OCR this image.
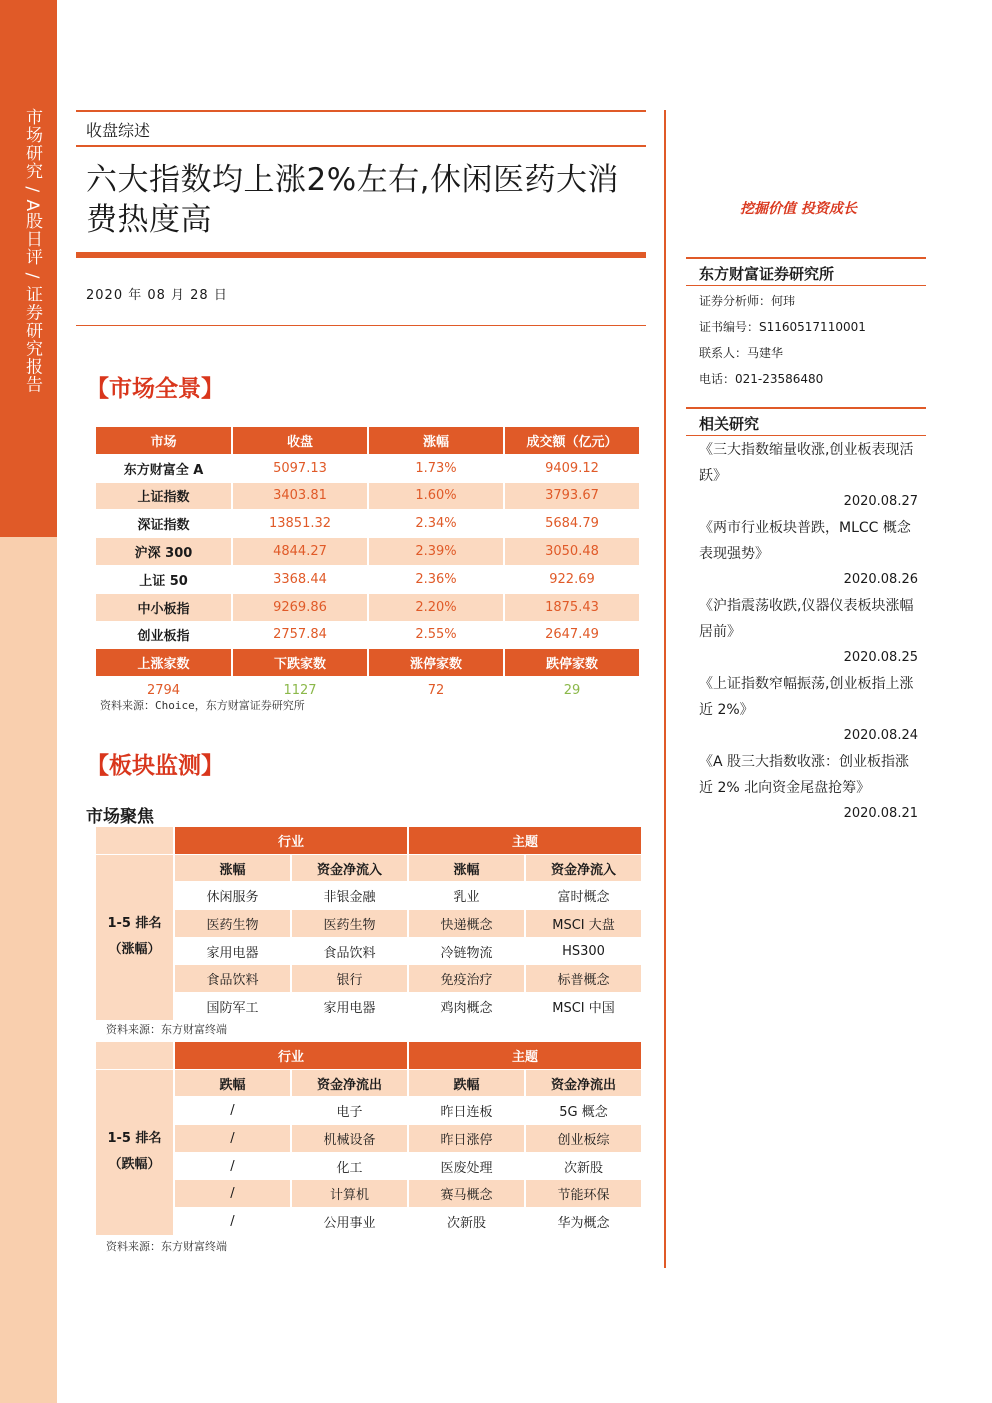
市场研究 / A股日评 / 证券研究报告	收盘综述
六大指数均上涨2%左右,休闲医药大消费热度高
2020 年 08 月 28 日
【市场全景】
市场	收盘	涨幅	成交额（亿元）
东方财富全 A	5097.13	1.73%	9409.12
上证指数	3403.81	1.60%	3793.67
深证指数	13851.32	2.34%	5684.79
沪深 300	4844.27	2.39%	3050.48
上证 50	3368.44	2.36%	922.69
中小板指	9269.86	2.20%	1875.43
创业板指	2757.84	2.55%	2647.49
上涨家数	下跌家数	涨停家数	跌停家数
2794	1127	72	29
资料来源：Choice，东方财富证券研究所
【板块监测】
市场聚焦
	行业		主题	

1-5 排名
（涨幅）	涨幅	资金净流入	涨幅	资金净流入
	休闲服务	非银金融	乳业	富时概念
	医药生物	医药生物	快递概念	MSCI 大盘
	家用电器	食品饮料	冷链物流	HS300
	食品饮料	银行	免疫治疗	标普概念
	国防军工	家用电器	鸡肉概念	MSCI 中国
资料来源：东方财富终端
	行业		主题	

1-5 排名
（跌幅）	跌幅	资金净流出	跌幅	资金净流出
	/	电子	昨日连板	5G 概念
	/	机械设备	昨日涨停	创业板综
	/	化工	医废处理	次新股
	/	计算机	赛马概念	节能环保
	/	公用事业	次新股	华为概念
资料来源：东方财富终端
挖掘价值 投资成长
东方财富证券研究所
证券分析师：何玮
证书编号：S1160517110001
联系人：马建华
电话：021-23586480
相关研究
《三大指数缩量收涨,创业板表现活跃》
2020.08.27
《两市行业板块普跌，MLCC 概念表现强势》
2020.08.26
《沪指震荡收跌,仪器仪表板块涨幅居前》
2020.08.25
《上证指数窄幅振荡,创业板指上涨近 2%》
2020.08.24
《A 股三大指数收涨：创业板指涨近 2% 北向资金尾盘抢筹》
2020.08.21
